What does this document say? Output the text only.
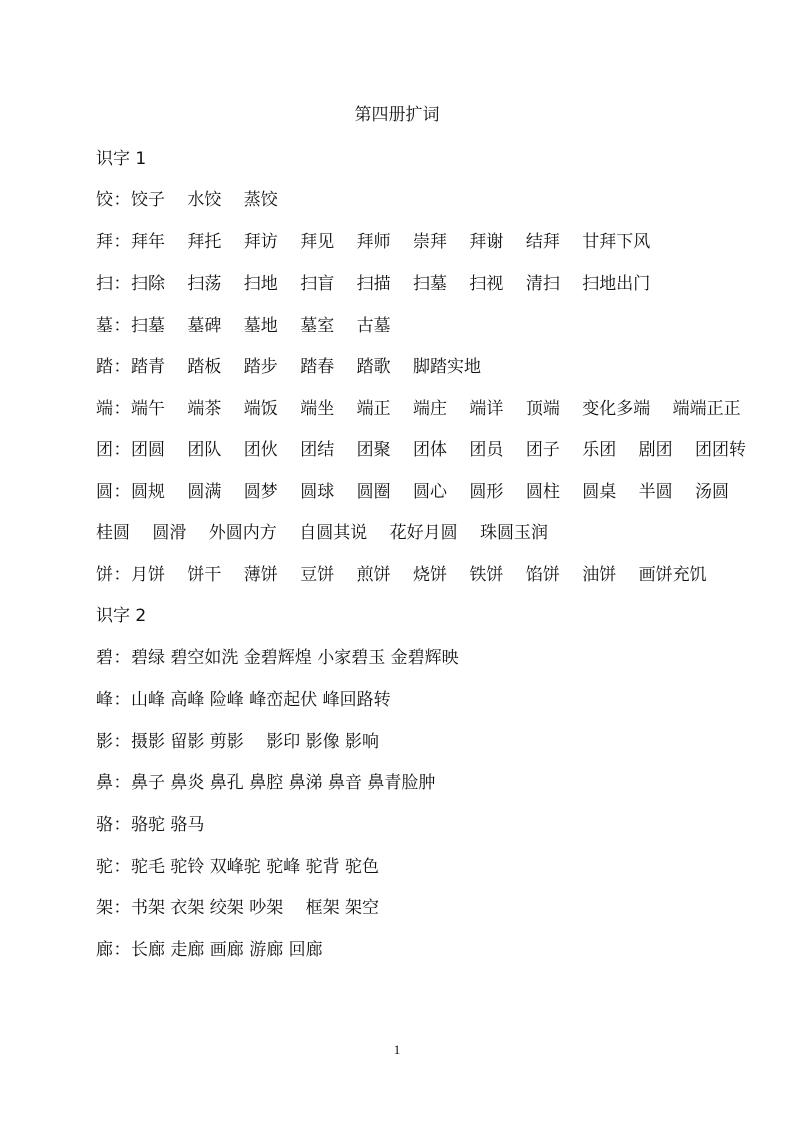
第四册扩词
识字 1
饺：饺子　 水饺　 蒸饺
拜：拜年　 拜托　 拜访　 拜见　 拜师　 崇拜　 拜谢　 结拜　 甘拜下风
扫：扫除　 扫荡　 扫地　 扫盲　 扫描　 扫墓　 扫视　 清扫　 扫地出门
墓：扫墓　 墓碑　 墓地　 墓室　 古墓
踏：踏青　 踏板　 踏步　 踏春　 踏歌　 脚踏实地
端：端午　 端茶　 端饭　 端坐　 端正　 端庄　 端详　 顶端　 变化多端　 端端正正
团：团圆　 团队　 团伙　 团结　 团聚　 团体　 团员　 团子　 乐团　 剧团　 团团转
圆：圆规　 圆满　 圆梦　 圆球　 圆圈　 圆心　 圆形　 圆柱　 圆桌　 半圆　 汤圆
桂圆　 圆滑　 外圆内方　 自圆其说　 花好月圆　 珠圆玉润
饼：月饼　 饼干　 薄饼　 豆饼　 煎饼　 烧饼　 铁饼　 馅饼　 油饼　 画饼充饥
识字 2
碧：碧绿 碧空如洗 金碧辉煌 小家碧玉 金碧辉映
峰：山峰 高峰 险峰 峰峦起伏 峰回路转
影：摄影 留影 剪影　 影印 影像 影响
鼻：鼻子 鼻炎 鼻孔 鼻腔 鼻涕 鼻音 鼻青脸肿
骆：骆驼 骆马
驼：驼毛 驼铃 双峰驼 驼峰 驼背 驼色
架：书架 衣架 绞架 吵架　 框架 架空
廊：长廊 走廊 画廊 游廊 回廊
1
